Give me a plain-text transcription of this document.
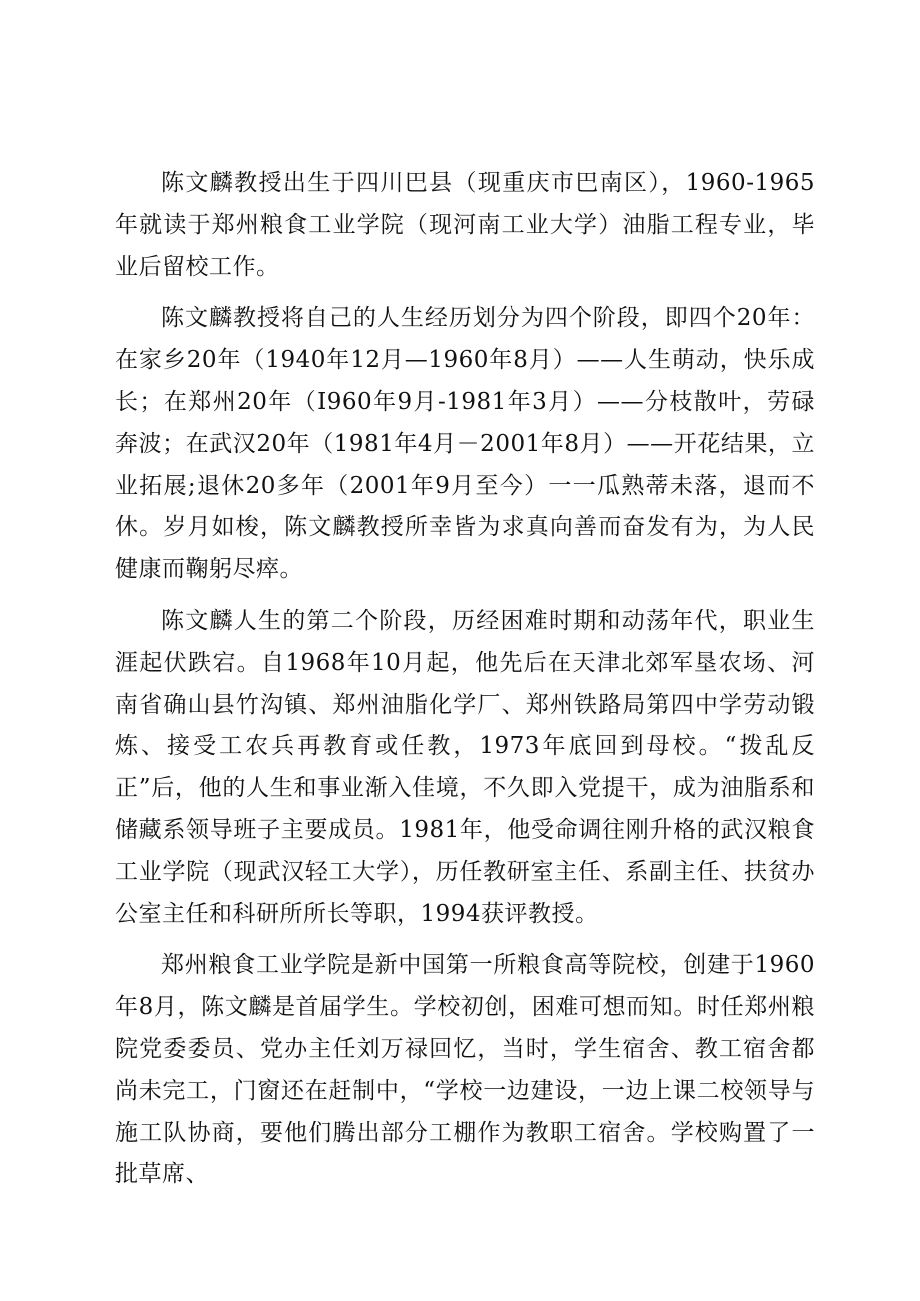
陈文麟教授出生于四川巴县（现重庆市巴南区），1960-1965年就读于郑州粮食工业学院（现河南工业大学）油脂工程专业，毕业后留校工作。

陈文麟教授将自己的人生经历划分为四个阶段，即四个20年：在家乡20年（1940年12月—1960年8月）——人生萌动，快乐成长；在郑州20年（I960年9月-1981年3月）——分枝散叶，劳碌奔波；在武汉20年（1981年4月－2001年8月）——开花结果，立业拓展;退休20多年（2001年9月至今）一一瓜熟蒂未落，退而不休。岁月如梭，陈文麟教授所幸皆为求真向善而奋发有为，为人民健康而鞠躬尽瘁。

陈文麟人生的第二个阶段，历经困难时期和动荡年代，职业生涯起伏跌宕。自1968年10月起，他先后在天津北郊军垦农场、河南省确山县竹沟镇、郑州油脂化学厂、郑州铁路局第四中学劳动锻炼、接受工农兵再教育或任教，1973年底回到母校。“拨乱反正”后，他的人生和事业渐入佳境，不久即入党提干，成为油脂系和储藏系领导班子主要成员。1981年，他受命调往刚升格的武汉粮食工业学院（现武汉轻工大学），历任教研室主任、系副主任、扶贫办公室主任和科研所所长等职，1994获评教授。

郑州粮食工业学院是新中国第一所粮食高等院校，创建于1960年8月，陈文麟是首届学生。学校初创，困难可想而知。时任郑州粮院党委委员、党办主任刘万禄回忆，当时，学生宿舍、教工宿舍都尚未完工，门窗还在赶制中，“学校一边建设，一边上课二校领导与施工队协商，要他们腾出部分工棚作为教职工宿舍。学校购置了一批草席、
